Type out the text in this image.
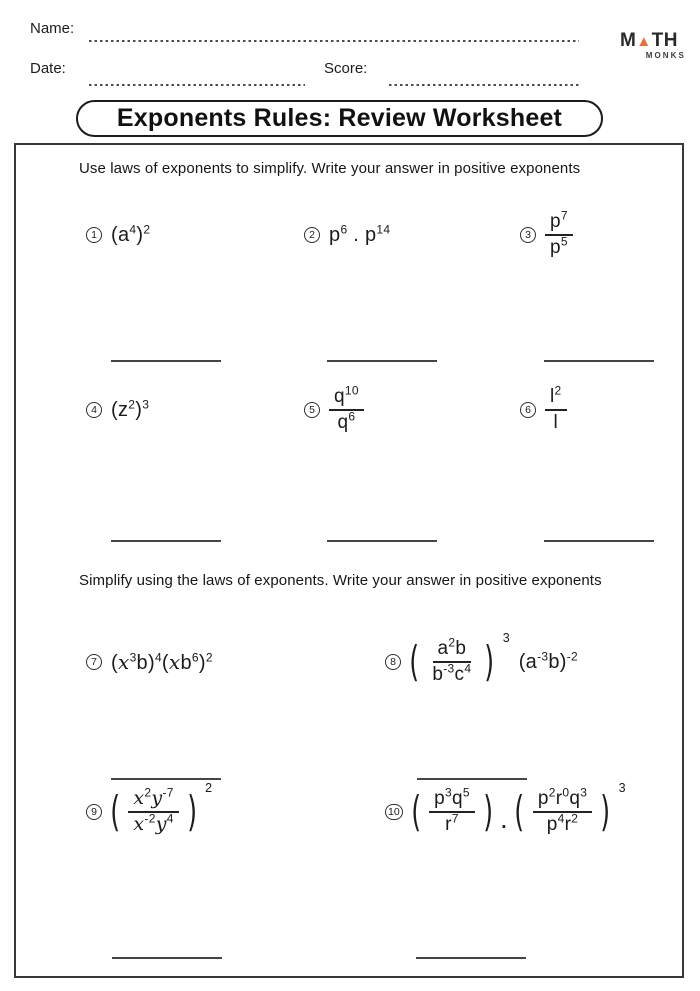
Name:
Date:	Score:
M▲TH
MONKS
Exponents Rules: Review Worksheet

Use laws of exponents to simplify. Write your answer in positive exponents

1 $(a^4)^2$	2 $p^6$ . $p^{14}$	$3 \frac{p^7}{p^5}$
4 $(z^2)^3$	$5 \frac{q^{10}}{q^6}$	$6 \frac{l^2}{l}$

Simplify using the laws of exponents. Write your answer in positive exponents

7 $(x^3b)^4(xb^6)^2$	8 ( $\frac{a^2b}{b^{-3}c^4}$ ) 3
$(a^{-3}b)^{-2}$
9 ( $\frac{x^2y^{-7}}{x^{-2}y^4}$ ) 2
10 ( $\frac{p^3q^5}{r^7}$ ) . ( $\frac{p^2r^0q^3}{p^4r^2}$ ) 3
